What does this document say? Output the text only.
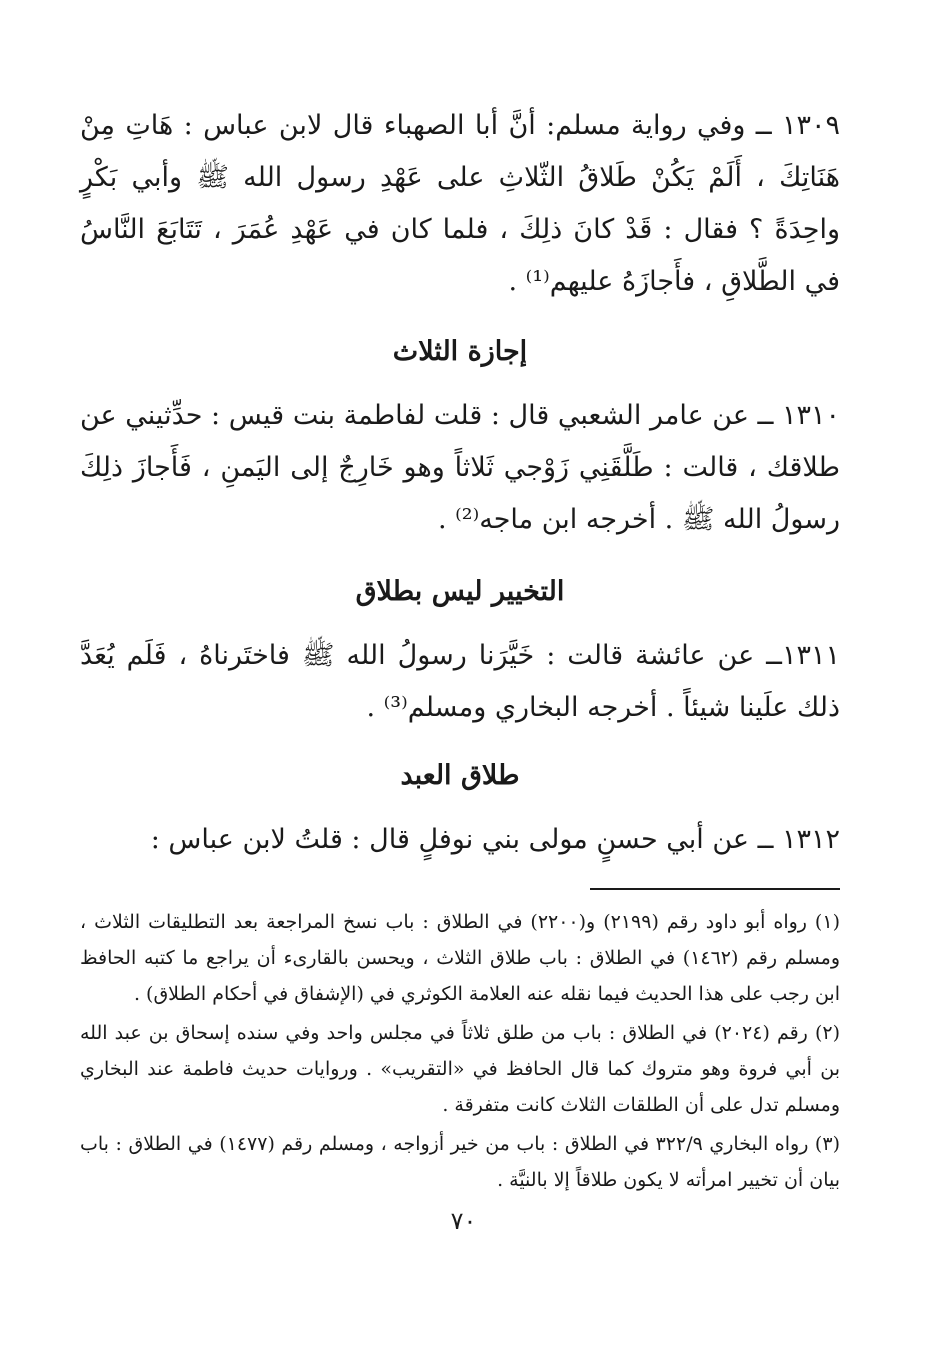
١٣٠٩ ــ وفي رواية مسلم: أنَّ أبا الصهباء قال لابن عباس : هَاتِ مِنْ هَنَاتِكَ ، أَلَمْ يَكُنْ طَلاقُ الثّلاثِ على عَهْدِ رسول الله ﷺ وأبي بَكْرٍ واحِدَةً ؟ فقال : قَدْ كانَ ذلِكَ ، فلما كان في عَهْدِ عُمَرَ ، تَتَابَعَ النَّاسُ في الطَّلاقِ ، فأَجازَهُ عليهم⁽¹⁾ .

إجازة الثلاث

١٣١٠ ــ عن عامر الشعبي قال : قلت لفاطمة بنت قيس : حدِّثيني عن طلاقك ، قالت : طَلَّقَنِي زَوْجي ثَلاثاً وهو خَارِجٌ إلى اليَمنِ ، فَأَجازَ ذلِكَ رسولُ الله ﷺ . أخرجه ابن ماجه⁽²⁾ .

التخيير ليس بطلاق

١٣١١ــ عن عائشة قالت : خَيَّرَنا رسولُ الله ﷺ فاختَرناهُ ، فَلَم يُعَدَّ ذلك علَينا شيئاً . أخرجه البخاري ومسلم⁽³⁾ .

طلاق العبد

١٣١٢ ــ عن أبي حسنٍ مولى بني نوفلٍ قال : قلتُ لابن عباس :

(١) رواه أبو داود رقم (٢١٩٩) و(٢٢٠٠) في الطلاق : باب نسخ المراجعة بعد التطليقات الثلاث ، ومسلم رقم (١٤٦٢) في الطلاق : باب طلاق الثلاث ، ويحسن بالقارىء أن يراجع ما كتبه الحافظ ابن رجب على هذا الحديث فيما نقله عنه العلامة الكوثري في (الإشفاق في أحكام الطلاق) .

(٢) رقم (٢٠٢٤) في الطلاق : باب من طلق ثلاثاً في مجلس واحد وفي سنده إسحاق بن عبد الله بن أبي فروة وهو متروك كما قال الحافظ في «التقريب» . وروايات حديث فاطمة عند البخاري ومسلم تدل على أن الطلقات الثلاث كانت متفرقة .

(٣) رواه البخاري ٣٢٢/٩ في الطلاق : باب من خير أزواجه ، ومسلم رقم (١٤٧٧) في الطلاق : باب بيان أن تخيير امرأته لا يكون طلاقاً إلا بالنيَّة .

٧٠
